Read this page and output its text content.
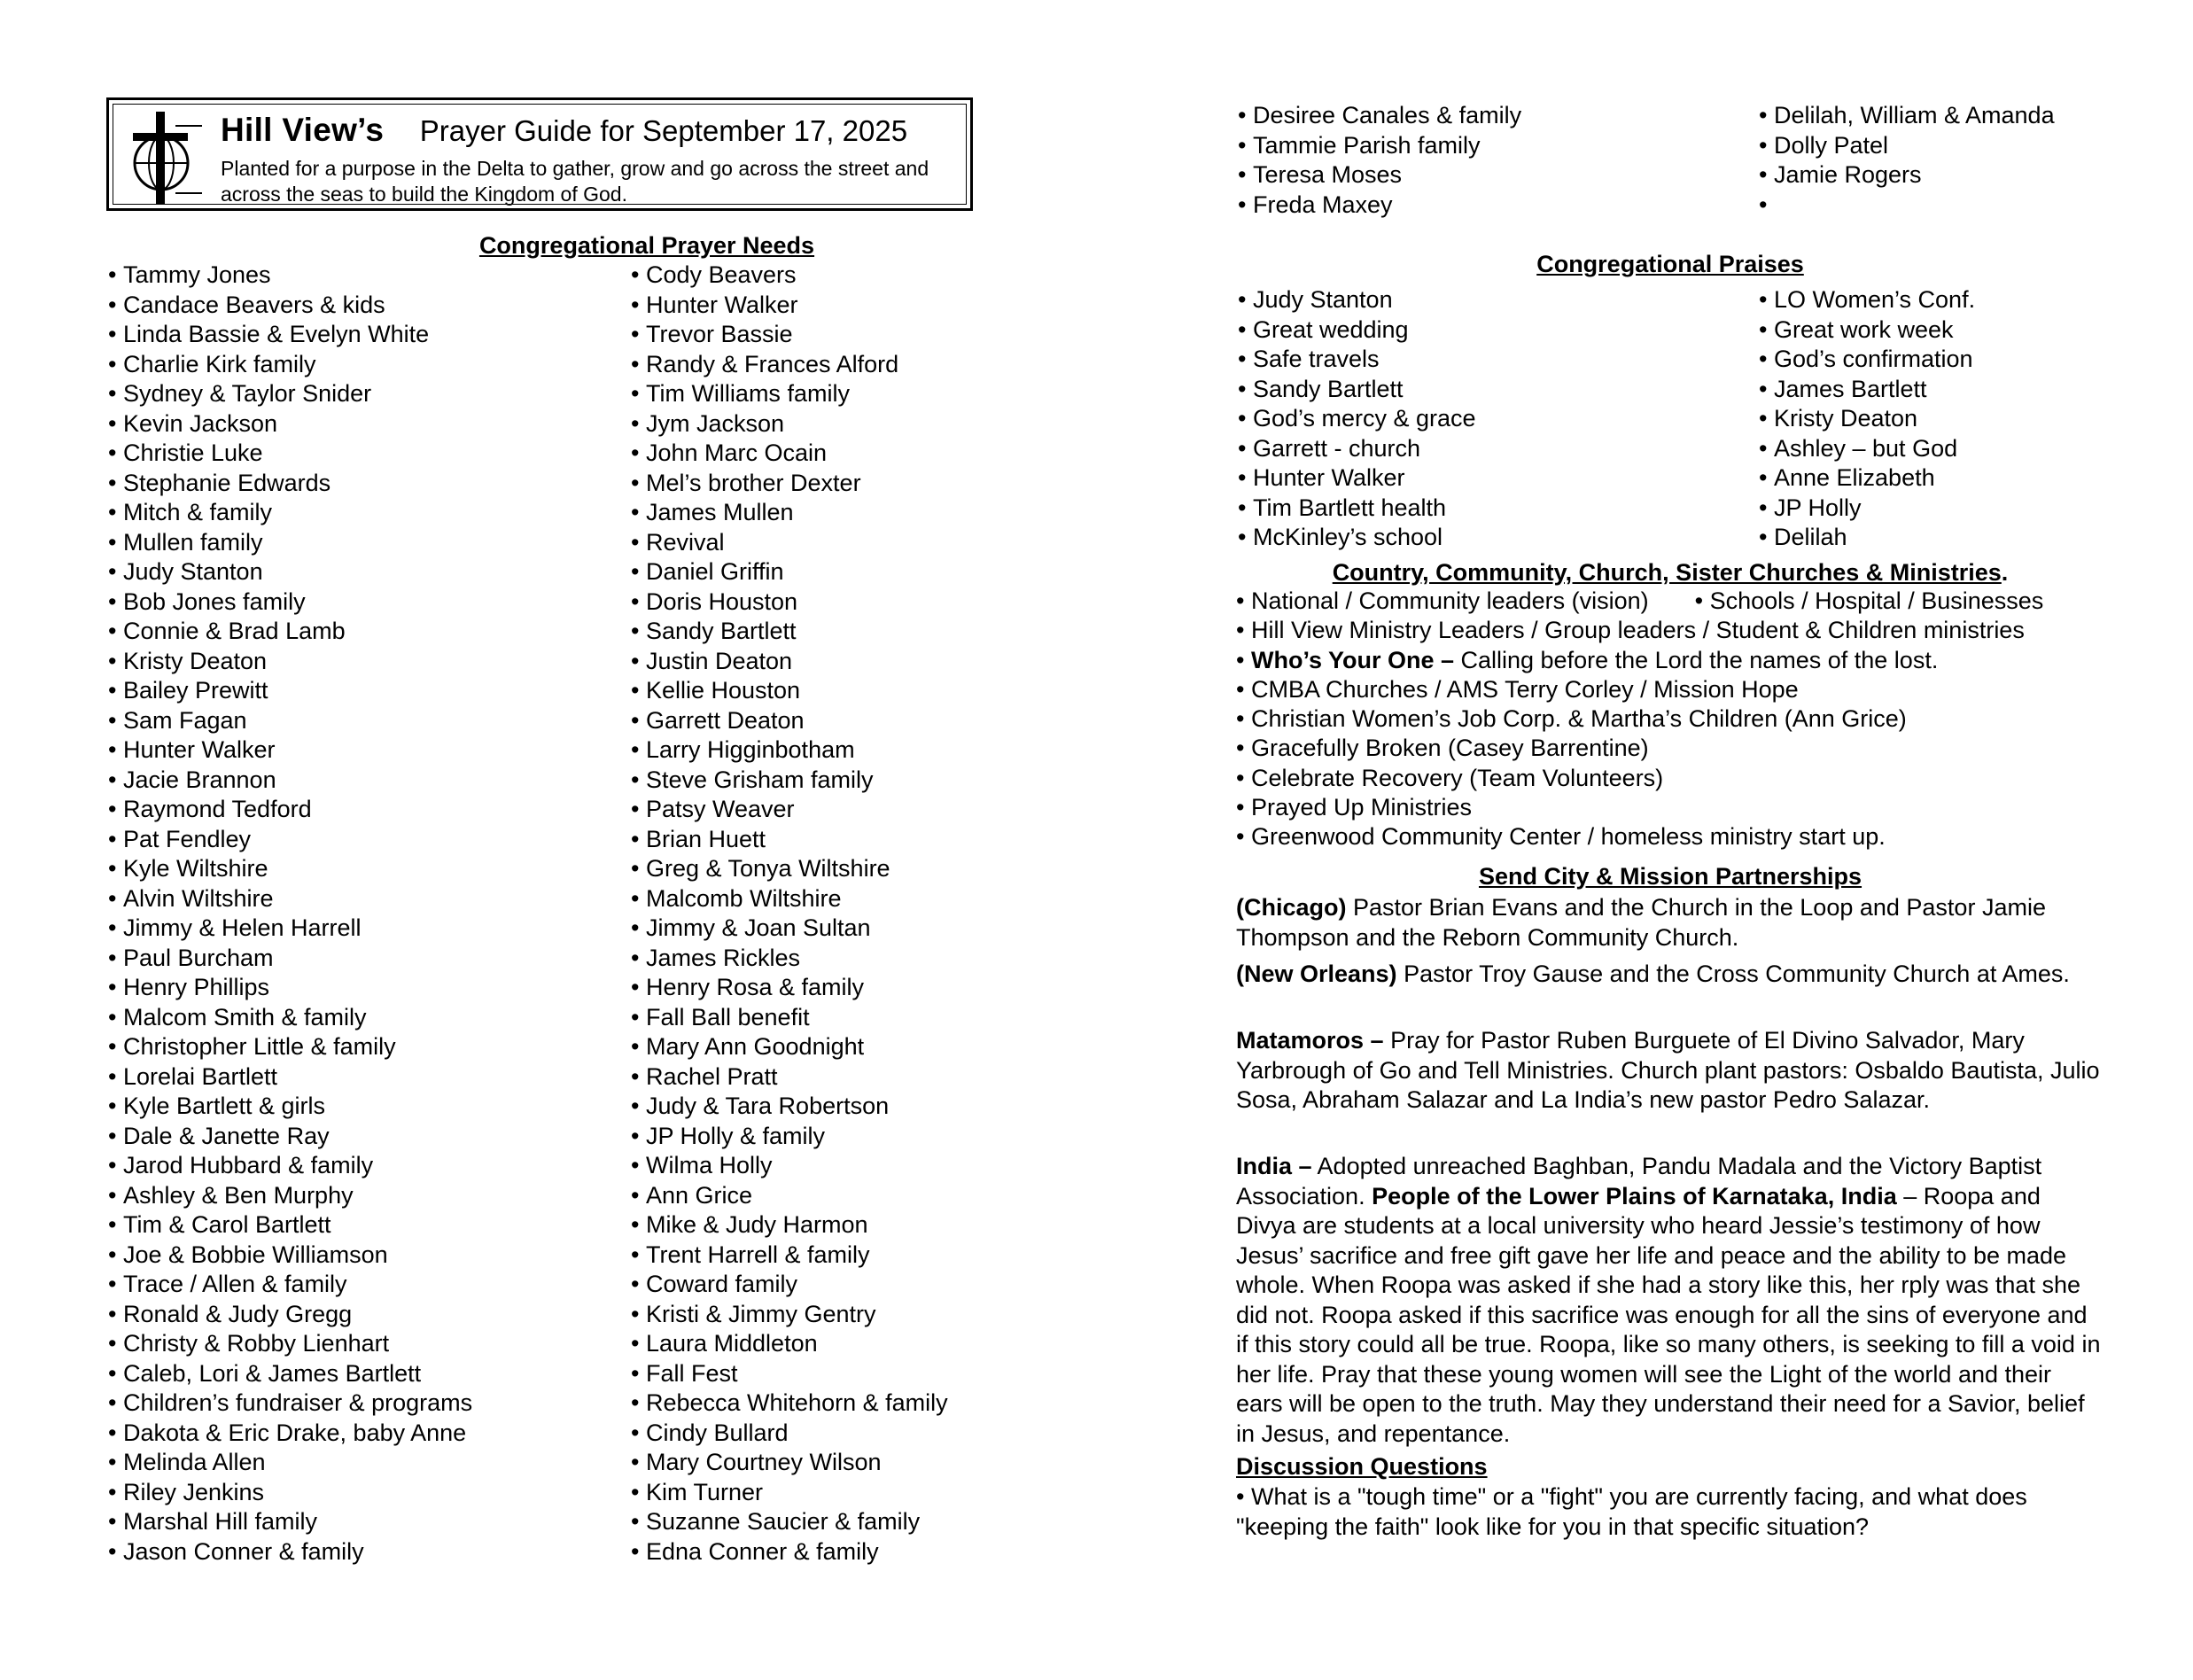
Hill View’s Prayer Guide for September 17, 2025
Planted for a purpose in the Delta to gather, grow and go across the street and across the seas to build the Kingdom of God.
Congregational Prayer Needs
• Tammy Jones
• Candace Beavers & kids
• Linda Bassie & Evelyn White
• Charlie Kirk family
• Sydney & Taylor Snider
• Kevin Jackson
• Christie Luke
• Stephanie Edwards
• Mitch & family
• Mullen family
• Judy Stanton
• Bob Jones family
• Connie & Brad Lamb
• Kristy Deaton
• Bailey Prewitt
• Sam Fagan
• Hunter Walker
• Jacie Brannon
• Raymond Tedford
• Pat Fendley
• Kyle Wiltshire
• Alvin Wiltshire
• Jimmy & Helen Harrell
• Paul Burcham
• Henry Phillips
• Malcom Smith & family
• Christopher Little & family
• Lorelai Bartlett
• Kyle Bartlett & girls
• Dale & Janette Ray
• Jarod Hubbard & family
• Ashley & Ben Murphy
• Tim & Carol Bartlett
• Joe & Bobbie Williamson
• Trace / Allen & family
• Ronald & Judy Gregg
• Christy & Robby Lienhart
• Caleb, Lori & James Bartlett
• Children’s fundraiser & programs
• Dakota & Eric Drake, baby Anne
• Melinda Allen
• Riley Jenkins
• Marshal Hill family
• Jason Conner & family
• Cody Beavers
• Hunter Walker
• Trevor Bassie
• Randy & Frances Alford
• Tim Williams family
• Jym Jackson
• John Marc Ocain
• Mel’s brother Dexter
• James Mullen
• Revival
• Daniel Griffin
• Doris Houston
• Sandy Bartlett
• Justin Deaton
• Kellie Houston
• Garrett Deaton
• Larry Higginbotham
• Steve Grisham family
• Patsy Weaver
• Brian Huett
• Greg & Tonya Wiltshire
• Malcomb Wiltshire
• Jimmy & Joan Sultan
• James Rickles
• Henry Rosa & family
• Fall Ball benefit
• Mary Ann Goodnight
• Rachel Pratt
• Judy & Tara Robertson
• JP Holly & family
• Wilma Holly
• Ann Grice
• Mike & Judy Harmon
• Trent Harrell & family
• Coward family
• Kristi & Jimmy Gentry
• Laura Middleton
• Fall Fest
• Rebecca Whitehorn & family
• Cindy Bullard
• Mary Courtney Wilson
• Kim Turner
• Suzanne Saucier & family
• Edna Conner & family
• Desiree Canales & family
• Tammie Parish family
• Teresa Moses
• Freda Maxey
• Delilah, William & Amanda
• Dolly Patel
• Jamie Rogers
•
Congregational Praises
• Judy Stanton
• Great wedding
• Safe travels
• Sandy Bartlett
• God’s mercy & grace
• Garrett - church
• Hunter Walker
• Tim Bartlett health
• McKinley’s school
• LO Women’s Conf.
• Great work week
• God’s confirmation
• James Bartlett
• Kristy Deaton
• Ashley – but God
• Anne Elizabeth
• JP Holly
• Delilah
Country, Community, Church, Sister Churches & Ministries.
• National / Community leaders (vision) • Schools / Hospital / Businesses
• Hill View Ministry Leaders / Group leaders / Student & Children ministries
• Who’s Your One – Calling before the Lord the names of the lost.
• CMBA Churches / AMS Terry Corley / Mission Hope
• Christian Women’s Job Corp. & Martha’s Children (Ann Grice)
• Gracefully Broken (Casey Barrentine)
• Celebrate Recovery (Team Volunteers)
• Prayed Up Ministries
• Greenwood Community Center / homeless ministry start up.
Send City & Mission Partnerships
(Chicago) Pastor Brian Evans and the Church in the Loop and Pastor Jamie Thompson and the Reborn Community Church.
(New Orleans) Pastor Troy Gause and the Cross Community Church at Ames.
Matamoros – Pray for Pastor Ruben Burguete of El Divino Salvador, Mary Yarbrough of Go and Tell Ministries. Church plant pastors: Osbaldo Bautista, Julio Sosa, Abraham Salazar and La India’s new pastor Pedro Salazar.
India – Adopted unreached Baghban, Pandu Madala and the Victory Baptist Association. People of the Lower Plains of Karnataka, India – Roopa and Divya are students at a local university who heard Jessie’s testimony of how Jesus’ sacrifice and free gift gave her life and peace and the ability to be made whole. When Roopa was asked if she had a story like this, her rply was that she did not. Roopa asked if this sacrifice was enough for all the sins of everyone and if this story could all be true. Roopa, like so many others, is seeking to fill a void in her life. Pray that these young women will see the Light of the world and their ears will be open to the truth. May they understand their need for a Savior, belief in Jesus, and repentance.
Discussion Questions
• What is a "tough time" or a "fight" you are currently facing, and what does "keeping the faith" look like for you in that specific situation?
